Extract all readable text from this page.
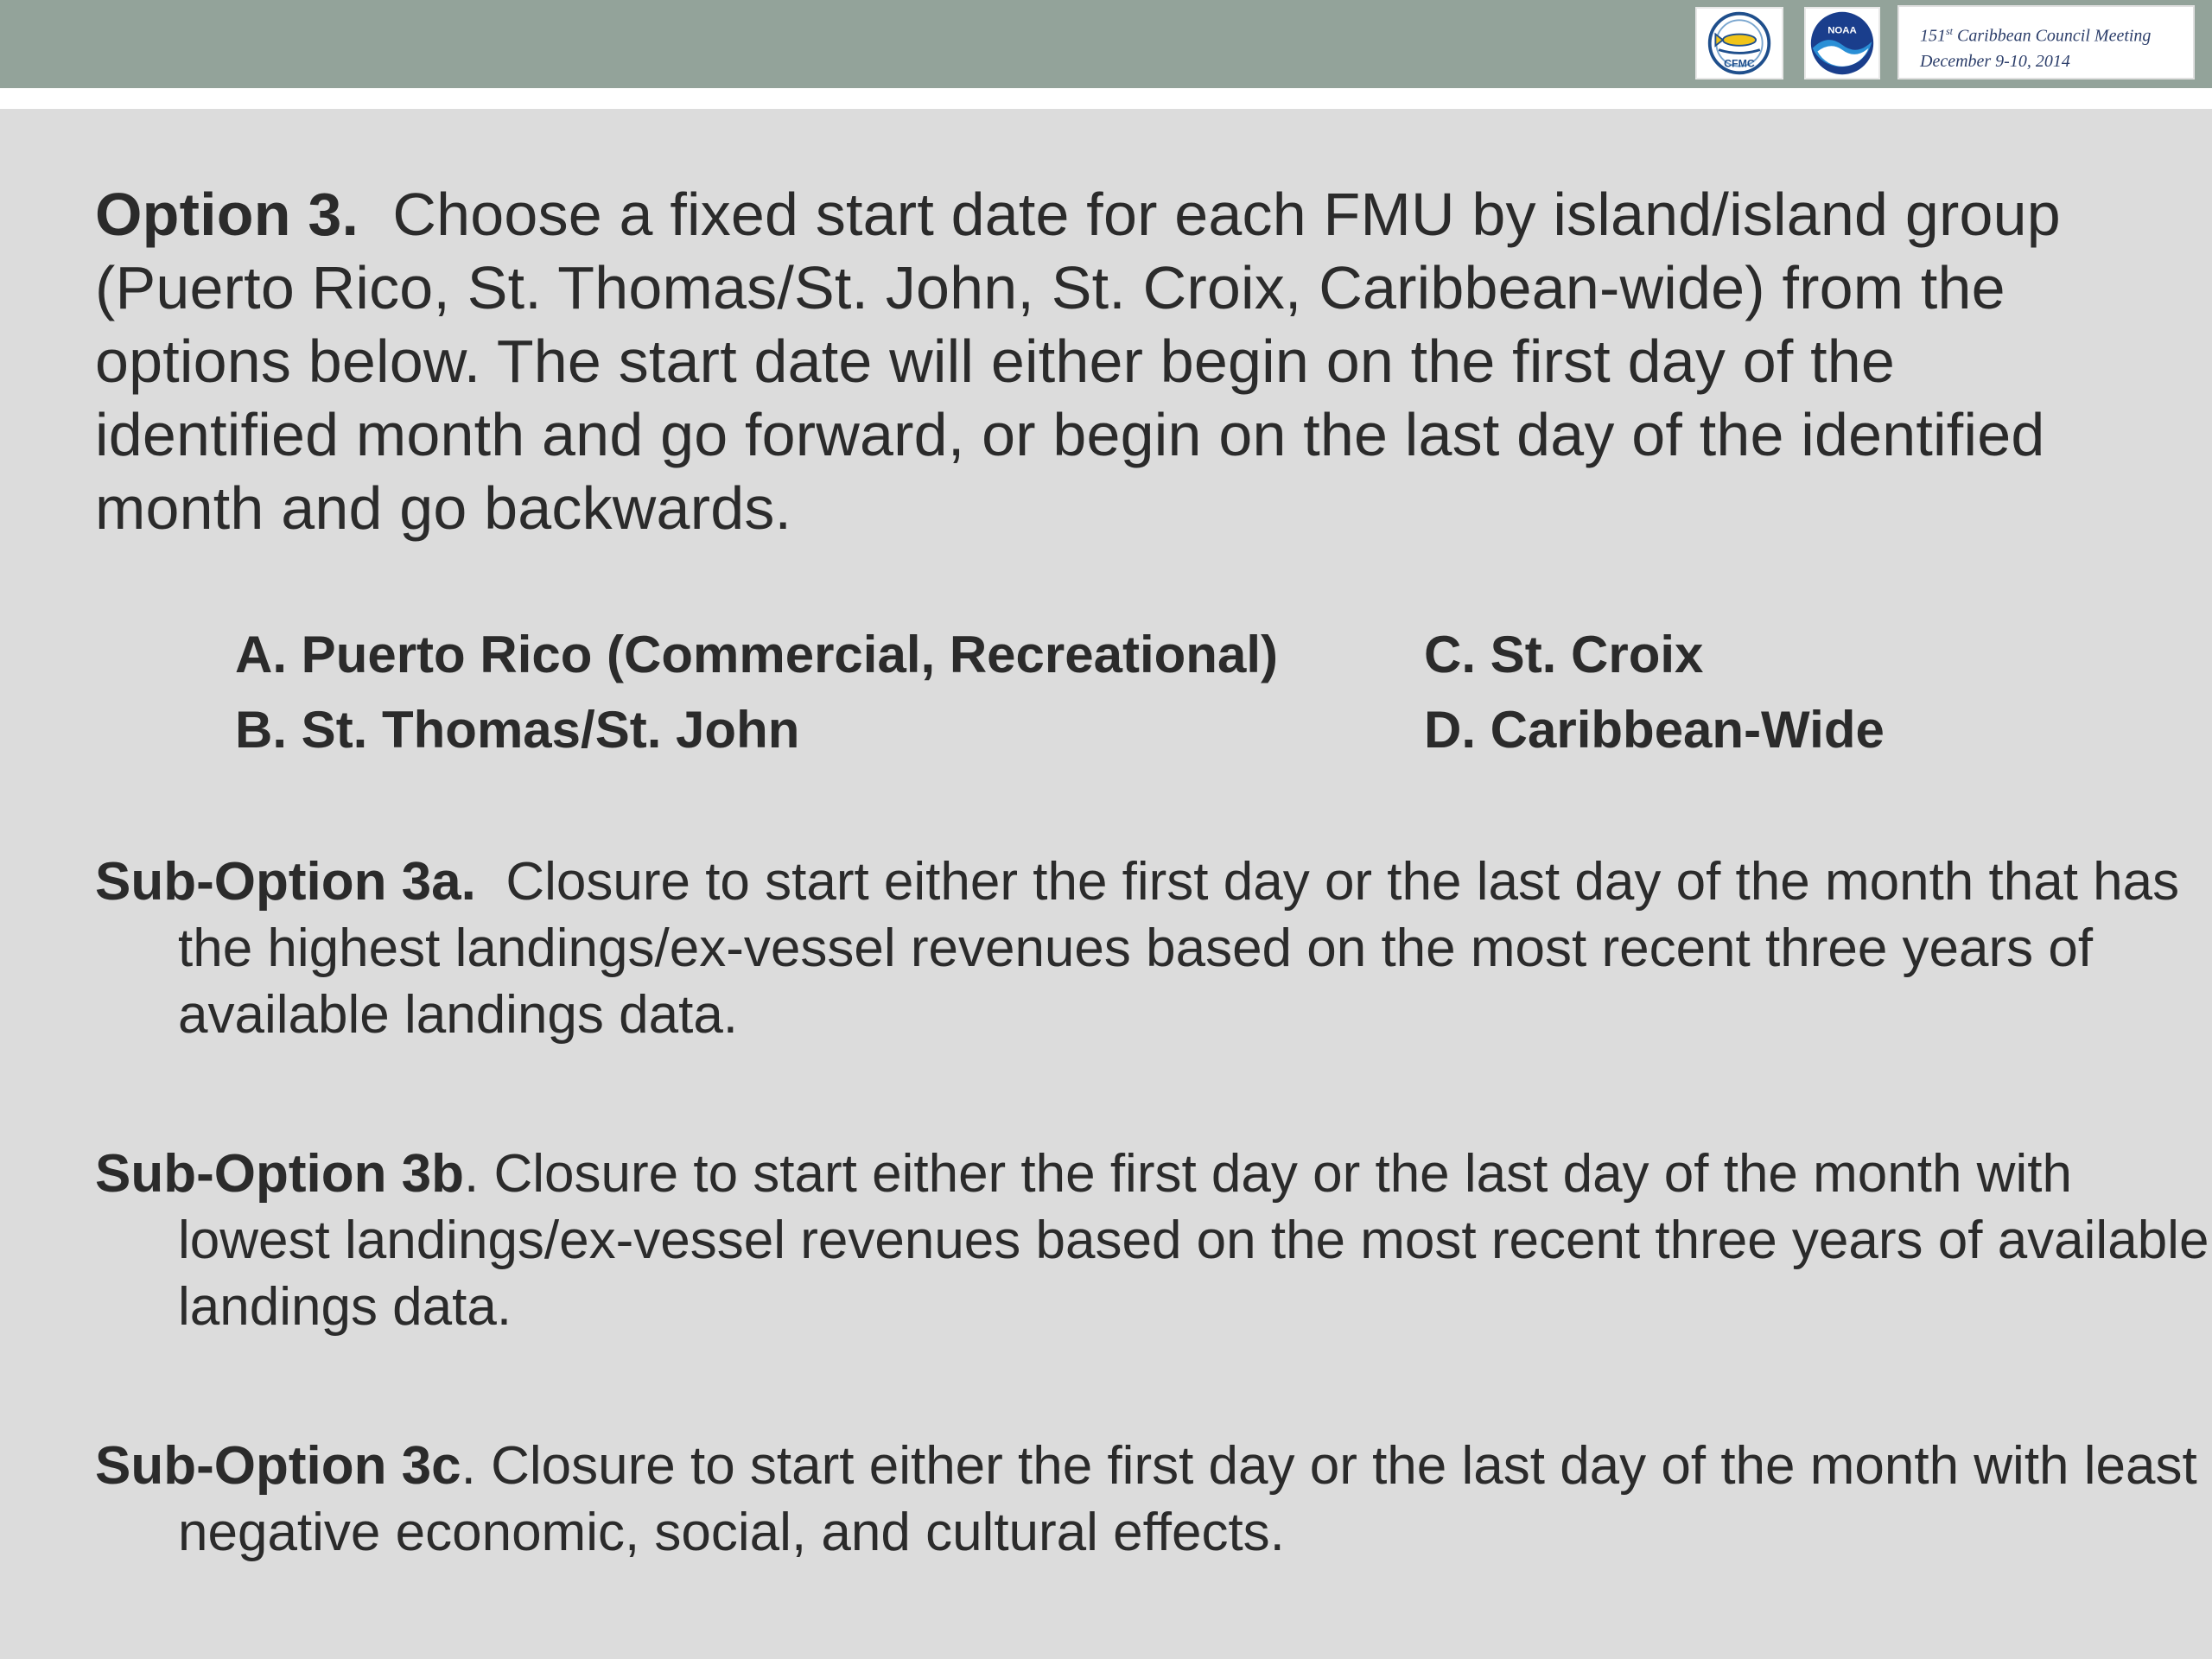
CFMC
NOAA	151st Caribbean Council Meeting
December 9-10, 2014

Option 3. Choose a fixed start date for each FMU by island/island group (Puerto Rico, St. Thomas/St. John, St. Croix, Caribbean-wide) from the options below. The start date will either begin on the first day of the identified month and go forward, or begin on the last day of the identified month and go backwards.

A. Puerto Rico (Commercial, Recreational)
B. St. Thomas/St. John
C. St. Croix
D. Caribbean-Wide

Sub-Option 3a. Closure to start either the first day or the last day of the month that has the highest landings/ex-vessel revenues based on the most recent three years of available landings data.

Sub-Option 3b. Closure to start either the first day or the last day of the month with lowest landings/ex-vessel revenues based on the most recent three years of available landings data.

Sub-Option 3c. Closure to start either the first day or the last day of the month with least negative economic, social, and cultural effects.
